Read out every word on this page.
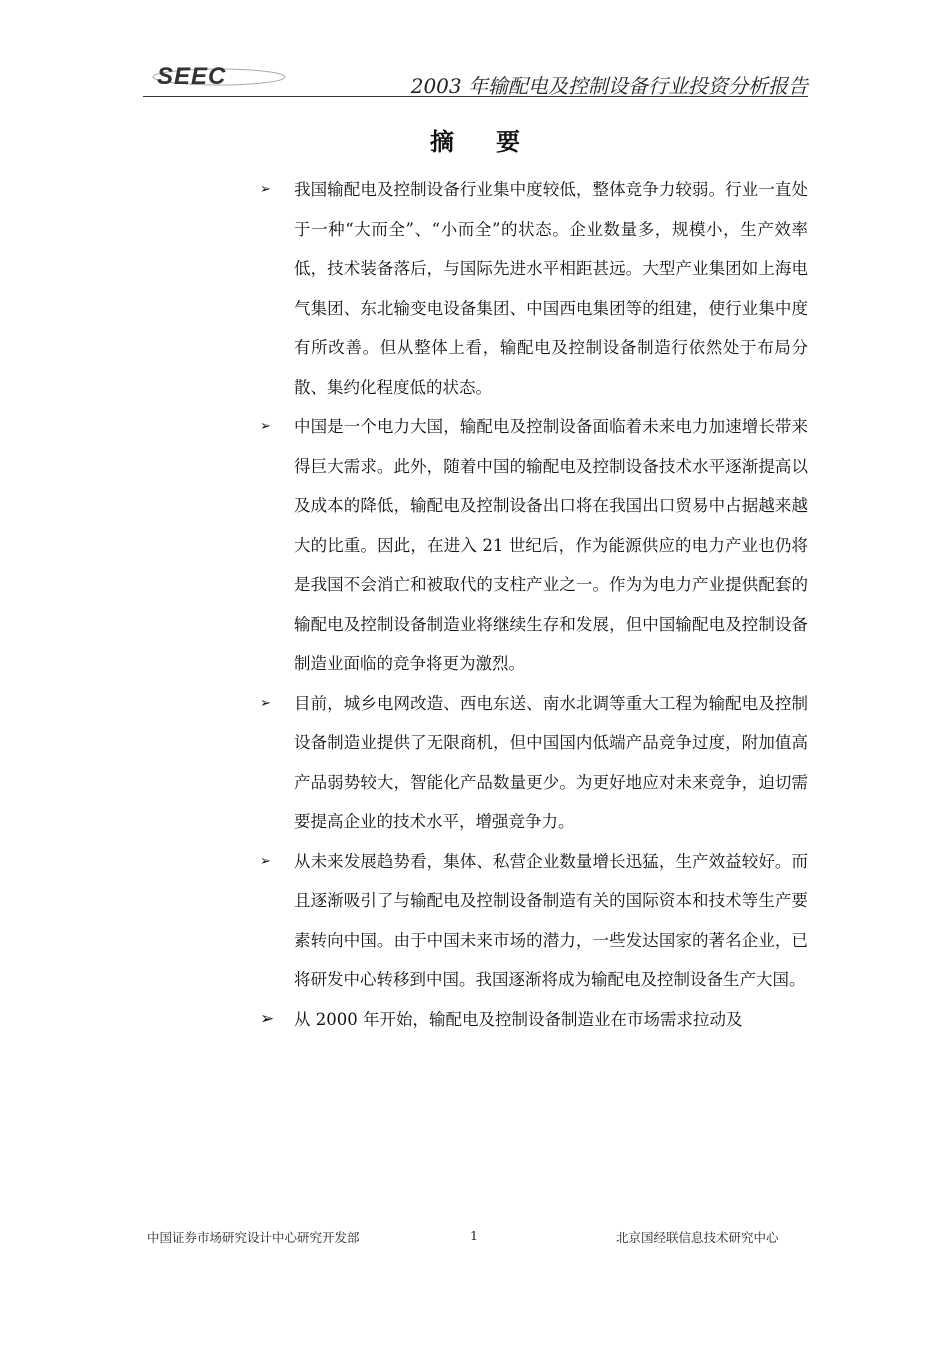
SEEC	2003 年输配电及控制设备行业投资分析报告
摘要
➢ 我国输配电及控制设备行业集中度较低，整体竞争力较弱。行业一直处于一种“大而全”、“小而全”的状态。企业数量多，规模小，生产效率低，技术装备落后，与国际先进水平相距甚远。大型产业集团如上海电气集团、东北输变电设备集团、中国西电集团等的组建，使行业集中度有所改善。但从整体上看，输配电及控制设备制造行依然处于布局分散、集约化程度低的状态。
➢ 中国是一个电力大国，输配电及控制设备面临着未来电力加速增长带来得巨大需求。此外，随着中国的输配电及控制设备技术水平逐渐提高以及成本的降低，输配电及控制设备出口将在我国出口贸易中占据越来越大的比重。因此，在进入 21 世纪后，作为能源供应的电力产业也仍将是我国不会消亡和被取代的支柱产业之一。作为为电力产业提供配套的输配电及控制设备制造业将继续生存和发展，但中国输配电及控制设备制造业面临的竞争将更为激烈。
➢ 目前，城乡电网改造、西电东送、南水北调等重大工程为输配电及控制设备制造业提供了无限商机，但中国国内低端产品竞争过度，附加值高产品弱势较大，智能化产品数量更少。为更好地应对未来竞争，迫切需要提高企业的技术水平，增强竞争力。
➢ 从未来发展趋势看，集体、私营企业数量增长迅猛，生产效益较好。而且逐渐吸引了与输配电及控制设备制造有关的国际资本和技术等生产要素转向中国。由于中国未来市场的潜力，一些发达国家的著名企业，已将研发中心转移到中国。我国逐渐将成为输配电及控制设备生产大国。
➢ 从 2000 年开始，输配电及控制设备制造业在市场需求拉动及
中国证券市场研究设计中心研究开发部	1	北京国经联信息技术研究中心
